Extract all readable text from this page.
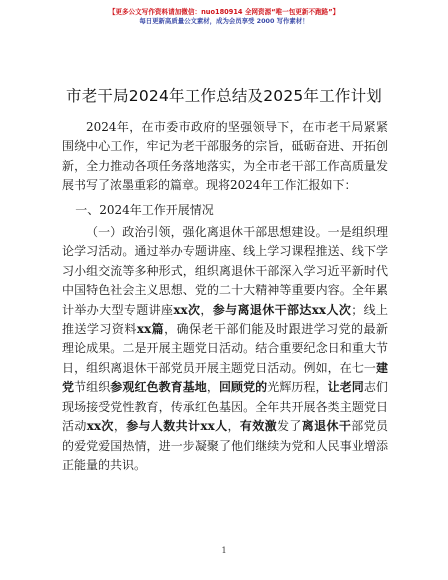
【更多公文写作资料请加微信：nuo180914 全网资源“唯一包更新不跑路”】
每日更新高质量公文素材，成为会员享受 2000 写作素材！
市老干局2024年工作总结及2025年工作计划

2024年，在市委市政府的坚强领导下，在市老干局紧紧围绕中心工作，牢记为老干部服务的宗旨，砥砺奋进、开拓创新，全力推动各项任务落地落实，为全市老干部工作高质量发展书写了浓墨重彩的篇章。现将2024年工作汇报如下：

一、2024年工作开展情况

（一）政治引领，强化离退休干部思想建设。一是组织理论学习活动。通过举办专题讲座、线上学习课程推送、线下学习小组交流等多种形式，组织离退休干部深入学习近平新时代中国特色社会主义思想、党的二十大精神等重要内容。全年累计举办大型专题讲座xx次，参与离退休干部达xx人次；线上推送学习资料xx篇，确保老干部们能及时跟进学习党的最新理论成果。二是开展主题党日活动。结合重要纪念日和重大节日，组织离退休干部党员开展主题党日活动。例如，在七一建党节组织参观红色教育基地，回顾党的光辉历程，让老同志们现场接受党性教育，传承红色基因。全年共开展各类主题党日活动xx次，参与人数共计xx人，有效激发了离退休干部党员的爱党爱国热情，进一步凝聚了他们继续为党和人民事业增添正能量的共识。

1
